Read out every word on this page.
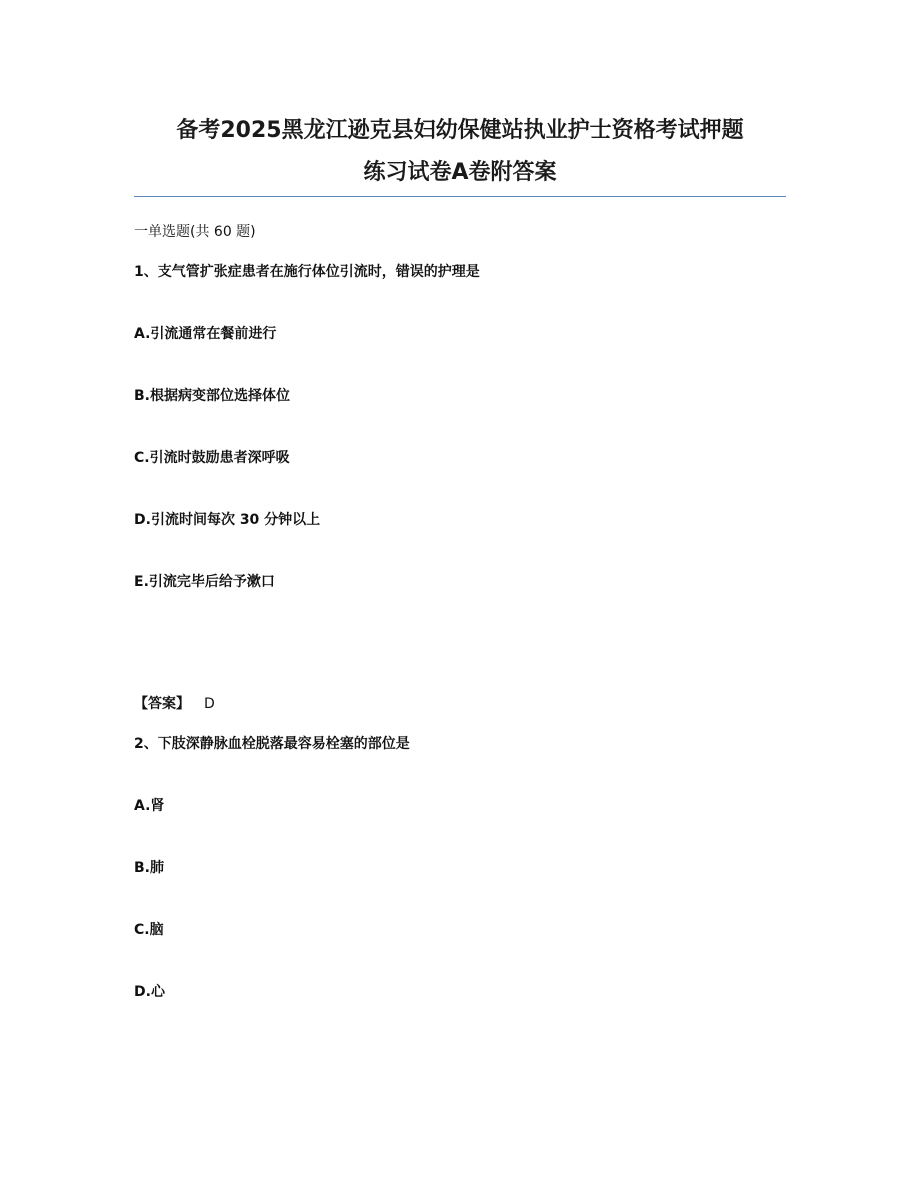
备考2025黑龙江逊克县妇幼保健站执业护士资格考试押题
练习试卷A卷附答案

一单选题(共 60 题)

1、支气管扩张症患者在施行体位引流时，错误的护理是

A.引流通常在餐前进行

B.根据病变部位选择体位

C.引流时鼓励患者深呼吸

D.引流时间每次 30 分钟以上

E.引流完毕后给予漱口

【答案】 D

2、下肢深静脉血栓脱落最容易栓塞的部位是

A.肾

B.肺

C.脑

D.心
